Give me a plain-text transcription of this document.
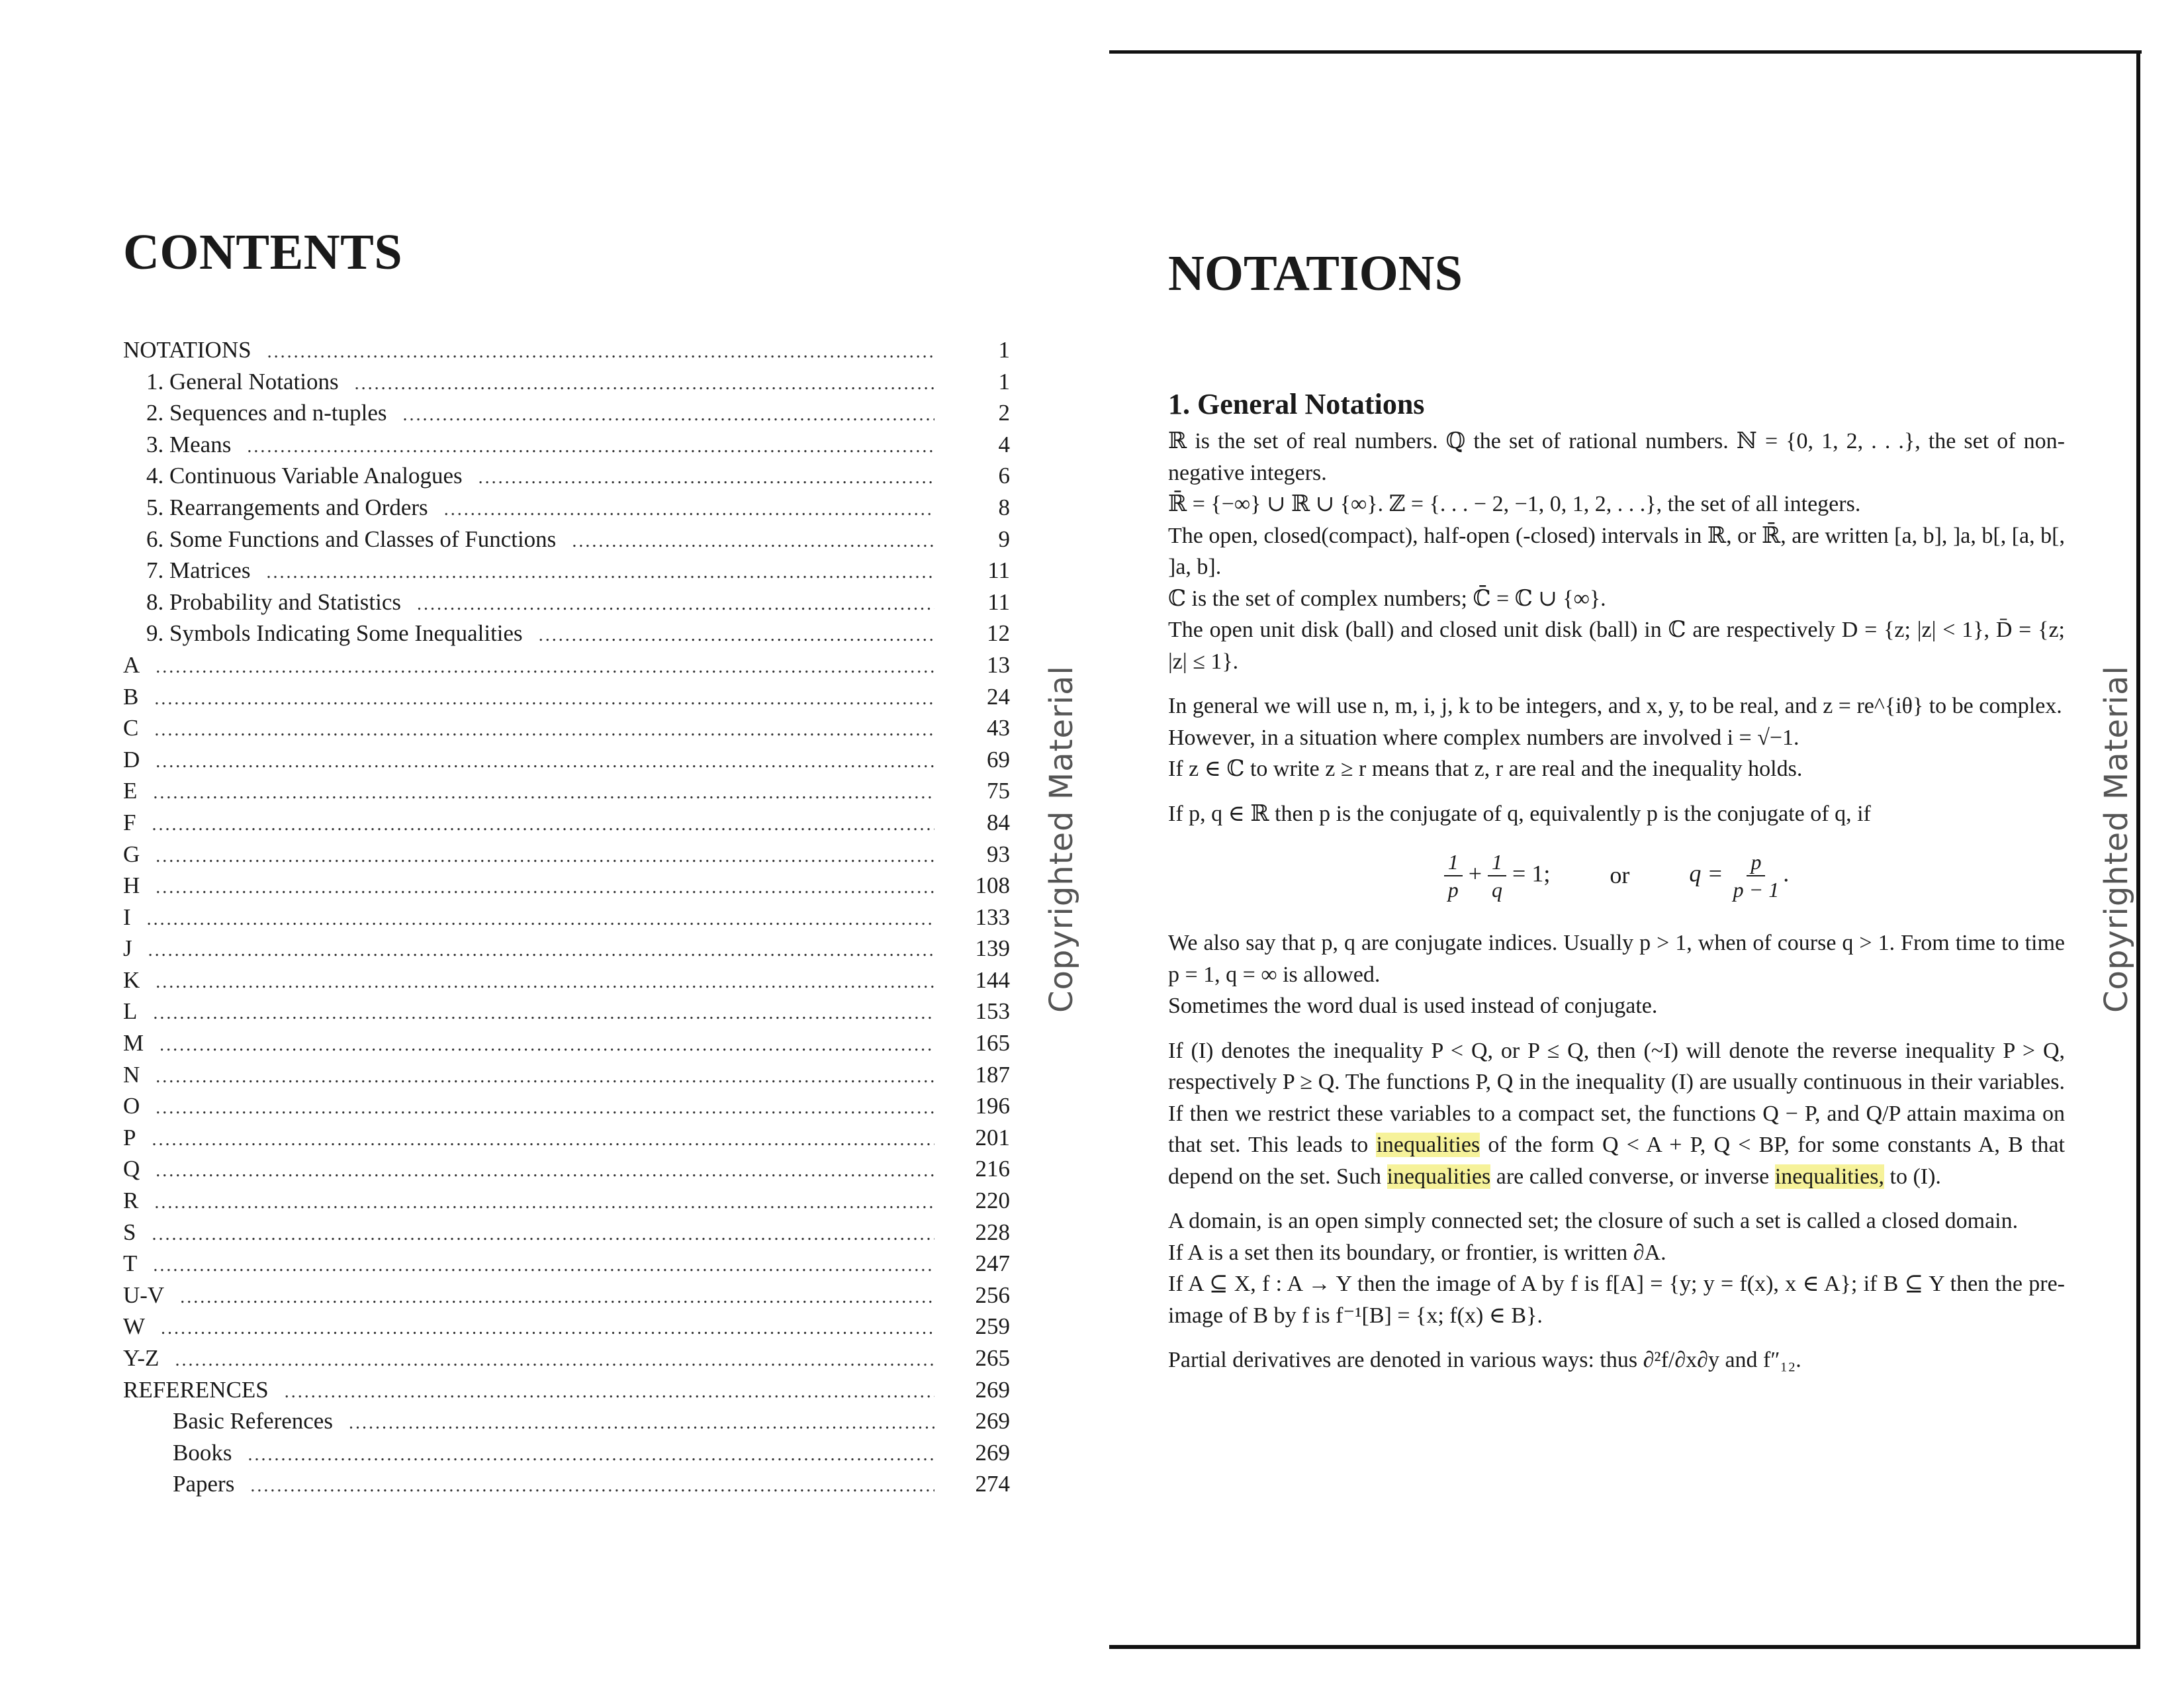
CONTENTS
NOTATIONS . . .	1
1. General Notations . . .	1
2. Sequences and n-tuples . . .	2
3. Means . . .	4
4. Continuous Variable Analogues . . .	6
5. Rearrangements and Orders . . .	8
6. Some Functions and Classes of Functions . . .	9
7. Matrices . . .	11
8. Probability and Statistics . . .	11
9. Symbols Indicating Some Inequalities . . .	12
A . . .	13
B . . .	24
C . . .	43
D . . .	69
E . . .	75
F . . .	84
G . . .	93
H . . .	108
I . . .	133
J . . .	139
K . . .	144
L . . .	153
M . . .	165
N . . .	187
O . . .	196
P . . .	201
Q . . .	216
R . . .	220
S . . .	228
T . . .	247
U-V . . .	256
W . . .	259
Y-Z . . .	265
REFERENCES . . .	269
Basic References . . .	269
Books . . .	269
Papers . . .	274
Copyrighted Material
NOTATIONS
1. General Notations

ℝ is the set of real numbers. ℚ the set of rational numbers. ℕ = {0, 1, 2, . . .}, the set of non-negative integers.

ℝ̄ = {−∞} ∪ ℝ ∪ {∞}. ℤ = {. . . − 2, −1, 0, 1, 2, . . .}, the set of all integers.

The open, closed(compact), half-open (-closed) intervals in ℝ, or ℝ̄, are written [a, b], ]a, b[, [a, b[, ]a, b].

ℂ is the set of complex numbers; ℂ̄ = ℂ ∪ {∞}.

The open unit disk (ball) and closed unit disk (ball) in ℂ are respectively D = {z; |z| < 1}, D̄ = {z; |z| ≤ 1}.

In general we will use n, m, i, j, k to be integers, and x, y, to be real, and z = re^{iθ} to be complex.

However, in a situation where complex numbers are involved i = √−1.

If z ∈ ℂ to write z ≥ r means that z, r are real and the inequality holds.

If p, q ∈ ℝ then p is the conjugate of q, equivalently p is the conjugate of q, if

$\frac{1}{p} + \frac{1}{q} = 1$;	or	$q = \frac{p}{p - 1}$ .

We also say that p, q are conjugate indices. Usually p > 1, when of course q > 1. From time to time p = 1, q = ∞ is allowed.

Sometimes the word dual is used instead of conjugate.

If (I) denotes the inequality P < Q, or P ≤ Q, then (~I) will denote the reverse inequality P > Q, respectively P ≥ Q. The functions P, Q in the inequality (I) are usually continuous in their variables. If then we restrict these variables to a compact set, the functions Q − P, and Q/P attain maxima on that set. This leads to inequalities of the form Q < A + P, Q < BP, for some constants A, B that depend on the set. Such inequalities are called converse, or inverse inequalities, to (I).

A domain, is an open simply connected set; the closure of such a set is called a closed domain.

If A is a set then its boundary, or frontier, is written ∂A.

If A ⊆ X, f : A → Y then the image of A by f is f[A] = {y; y = f(x), x ∈ A}; if B ⊆ Y then the pre-image of B by f is f⁻¹[B] = {x; f(x) ∈ B}.

Partial derivatives are denoted in various ways: thus ∂²f/∂x∂y and f″₁₂.

Copyrighted Material
